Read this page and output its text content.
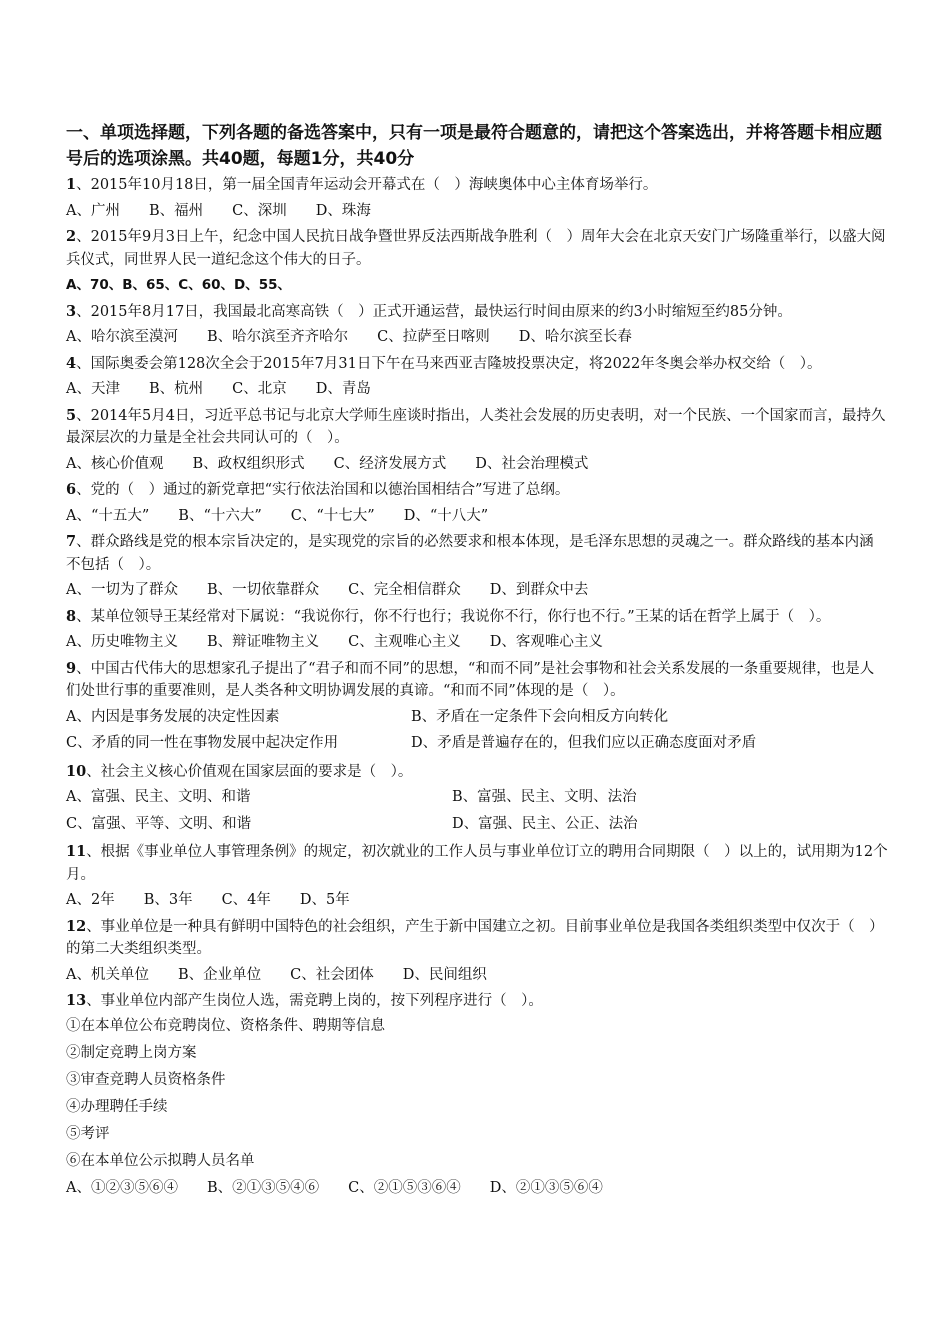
一、单项选择题，下列各题的备选答案中，只有一项是最符合题意的，请把这个答案选出，并将答题卡相应题号后的选项涂黑。共40题，每题1分，共40分

1、2015年10月18日，第一届全国青年运动会开幕式在（　）海峡奥体中心主体育场举行。

A、广州　　B、福州　　C、深圳　　D、珠海

2、2015年9月3日上午，纪念中国人民抗日战争暨世界反法西斯战争胜利（　）周年大会在北京天安门广场隆重举行，以盛大阅兵仪式，同世界人民一道纪念这个伟大的日子。

A、70、B、65、C、60、D、55、

3、2015年8月17日，我国最北高寒高铁（　）正式开通运营，最快运行时间由原来的约3小时缩短至约85分钟。

A、哈尔滨至漠河　　B、哈尔滨至齐齐哈尔　　C、拉萨至日喀则　　D、哈尔滨至长春

4、国际奥委会第128次全会于2015年7月31日下午在马来西亚吉隆坡投票决定，将2022年冬奥会举办权交给（　）。

A、天津　　B、杭州　　C、北京　　D、青岛

5、2014年5月4日，习近平总书记与北京大学师生座谈时指出，人类社会发展的历史表明，对一个民族、一个国家而言，最持久最深层次的力量是全社会共同认可的（　）。

A、核心价值观　　B、政权组织形式　　C、经济发展方式　　D、社会治理模式

6、党的（　）通过的新党章把“实行依法治国和以德治国相结合”写进了总纲。

A、“十五大”　　B、“十六大”　　C、“十七大”　　D、“十八大”

7、群众路线是党的根本宗旨决定的，是实现党的宗旨的必然要求和根本体现，是毛泽东思想的灵魂之一。群众路线的基本内涵不包括（　）。

A、一切为了群众　　B、一切依靠群众　　C、完全相信群众　　D、到群众中去

8、某单位领导王某经常对下属说：“我说你行，你不行也行；我说你不行，你行也不行。”王某的话在哲学上属于（　）。

A、历史唯物主义　　B、辩证唯物主义　　C、主观唯心主义　　D、客观唯心主义

9、中国古代伟大的思想家孔子提出了“君子和而不同”的思想，“和而不同”是社会事物和社会关系发展的一条重要规律，也是人们处世行事的重要准则，是人类各种文明协调发展的真谛。“和而不同”体现的是（　）。

A、内因是事务发展的决定性因素	B、矛盾在一定条件下会向相反方向转化
C、矛盾的同一性在事物发展中起决定作用	D、矛盾是普遍存在的，但我们应以正确态度面对矛盾

10、社会主义核心价值观在国家层面的要求是（　）。

A、富强、民主、文明、和谐	B、富强、民主、文明、法治
C、富强、平等、文明、和谐	D、富强、民主、公正、法治

11、根据《事业单位人事管理条例》的规定，初次就业的工作人员与事业单位订立的聘用合同期限（　）以上的，试用期为12个月。

A、2年　　B、3年　　C、4年　　D、5年

12、事业单位是一种具有鲜明中国特色的社会组织，产生于新中国建立之初。目前事业单位是我国各类组织类型中仅次于（　）的第二大类组织类型。

A、机关单位　　B、企业单位　　C、社会团体　　D、民间组织

13、事业单位内部产生岗位人选，需竞聘上岗的，按下列程序进行（　）。

①在本单位公布竞聘岗位、资格条件、聘期等信息

②制定竞聘上岗方案

③审查竞聘人员资格条件

④办理聘任手续

⑤考评

⑥在本单位公示拟聘人员名单

A、①②③⑤⑥④　　B、②①③⑤④⑥　　C、②①⑤③⑥④　　D、②①③⑤⑥④
